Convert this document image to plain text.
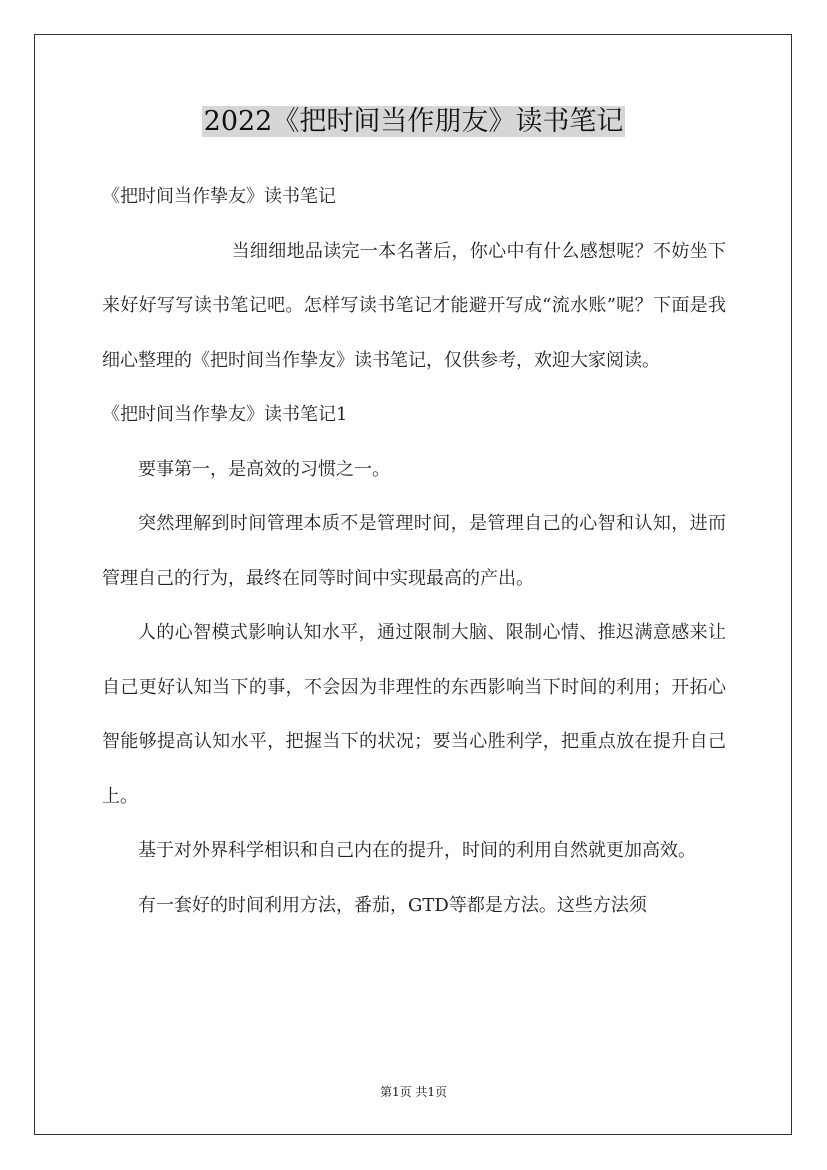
2022《把时间当作朋友》读书笔记

《把时间当作挚友》读书笔记

当细细地品读完一本名著后，你心中有什么感想呢？不妨坐下来好好写写读书笔记吧。怎样写读书笔记才能避开写成“流水账”呢？下面是我细心整理的《把时间当作挚友》读书笔记，仅供参考，欢迎大家阅读。

《把时间当作挚友》读书笔记1

要事第一，是高效的习惯之一。

突然理解到时间管理本质不是管理时间，是管理自己的心智和认知，进而管理自己的行为，最终在同等时间中实现最高的产出。

人的心智模式影响认知水平，通过限制大脑、限制心情、推迟满意感来让自己更好认知当下的事，不会因为非理性的东西影响当下时间的利用；开拓心智能够提高认知水平，把握当下的状况；要当心胜利学，把重点放在提升自己上。

基于对外界科学相识和自己内在的提升，时间的利用自然就更加高效。

有一套好的时间利用方法，番茄，GTD等都是方法。这些方法须

第1页 共1页
